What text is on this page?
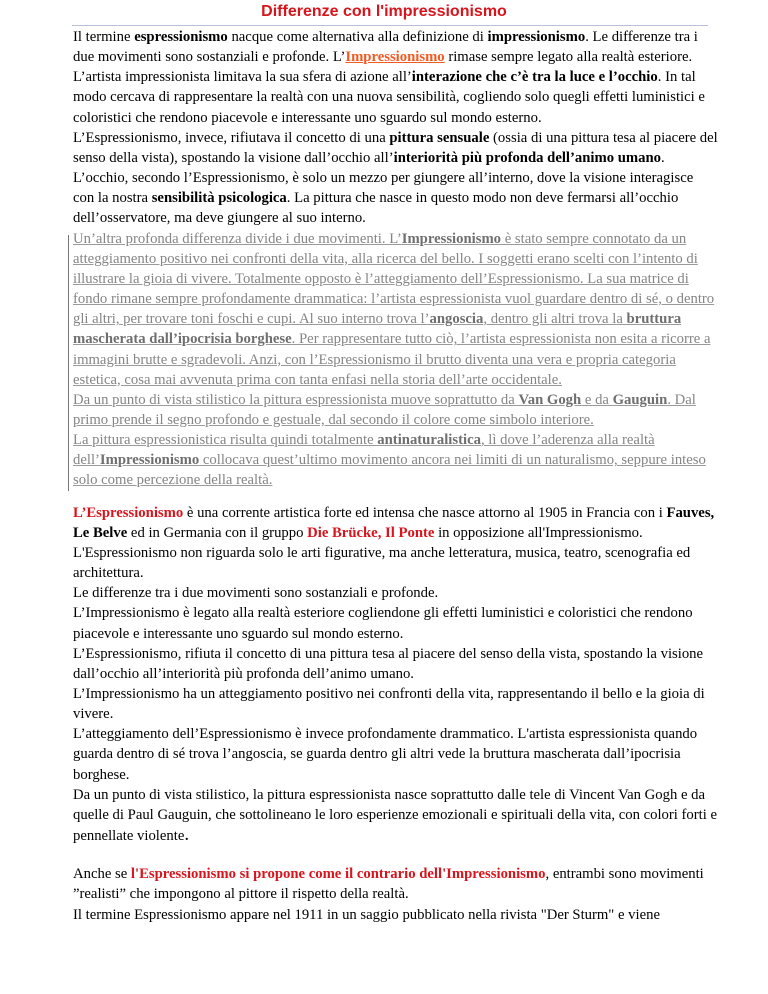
Differenze con l'impressionismo

Il termine espressionismo nacque come alternativa alla definizione di impressionismo. Le differenze tra i due movimenti sono sostanziali e profonde. L’Impressionismo rimase sempre legato alla realtà esteriore. L’artista impressionista limitava la sua sfera di azione all’interazione che c’è tra la luce e l’occhio. In tal modo cercava di rappresentare la realtà con una nuova sensibilità, cogliendo solo quegli effetti luministici e coloristici che rendono piacevole e interessante uno sguardo sul mondo esterno.

L’Espressionismo, invece, rifiutava il concetto di una pittura sensuale (ossia di una pittura tesa al piacere del senso della vista), spostando la visione dall’occhio all’interiorità più profonda dell’animo umano.

L’occhio, secondo l’Espressionismo, è solo un mezzo per giungere all’interno, dove la visione interagisce con la nostra sensibilità psicologica. La pittura che nasce in questo modo non deve fermarsi all’occhio dell’osservatore, ma deve giungere al suo interno.

Un’altra profonda differenza divide i due movimenti. L’Impressionismo è stato sempre connotato da un atteggiamento positivo nei confronti della vita, alla ricerca del bello. I soggetti erano scelti con l’intento di illustrare la gioia di vivere. Totalmente opposto è l’atteggiamento dell’Espressionismo. La sua matrice di fondo rimane sempre profondamente drammatica: l’artista espressionista vuol guardare dentro di sé, o dentro gli altri, per trovare toni foschi e cupi. Al suo interno trova l’angoscia, dentro gli altri trova la bruttura mascherata dall’ipocrisia borghese. Per rappresentare tutto ciò, l’artista espressionista non esita a ricorre a immagini brutte e sgradevoli. Anzi, con l’Espressionismo il brutto diventa una vera e propria categoria estetica, cosa mai avvenuta prima con tanta enfasi nella storia dell’arte occidentale.

Da un punto di vista stilistico la pittura espressionista muove soprattutto da Van Gogh e da Gauguin. Dal primo prende il segno profondo e gestuale, dal secondo il colore come simbolo interiore.

La pittura espressionistica risulta quindi totalmente antinaturalistica, lì dove l’aderenza alla realtà dell’Impressionismo collocava quest’ultimo movimento ancora nei limiti di un naturalismo, seppure inteso solo come percezione della realtà.

L’Espressionismo è una corrente artistica forte ed intensa che nasce attorno al 1905 in Francia con i Fauves, Le Belve ed in Germania con il gruppo Die Brücke, Il Ponte in opposizione all'Impressionismo.

L'Espressionismo non riguarda solo le arti figurative, ma anche letteratura, musica, teatro, scenografia ed architettura.

Le differenze tra i due movimenti sono sostanziali e profonde.

L’Impressionismo è legato alla realtà esteriore cogliendone gli effetti luministici e coloristici che rendono piacevole e interessante uno sguardo sul mondo esterno.

L’Espressionismo, rifiuta il concetto di una pittura tesa al piacere del senso della vista, spostando la visione dall’occhio all’interiorità più profonda dell’animo umano.

L’Impressionismo ha un atteggiamento positivo nei confronti della vita, rappresentando il bello e la gioia di vivere.

L’atteggiamento dell’Espressionismo è invece profondamente drammatico. L'artista espressionista quando guarda dentro di sé trova l’angoscia, se guarda dentro gli altri vede la bruttura mascherata dall’ipocrisia borghese.

Da un punto di vista stilistico, la pittura espressionista nasce soprattutto dalle tele di Vincent Van Gogh e da quelle di Paul Gauguin, che sottolineano le loro esperienze emozionali e spirituali della vita, con colori forti e pennellate violente.

Anche se l'Espressionismo si propone come il contrario dell'Impressionismo, entrambi sono movimenti ”realisti” che impongono al pittore il rispetto della realtà.

Il termine Espressionismo appare nel 1911 in un saggio pubblicato nella rivista "Der Sturm" e viene
